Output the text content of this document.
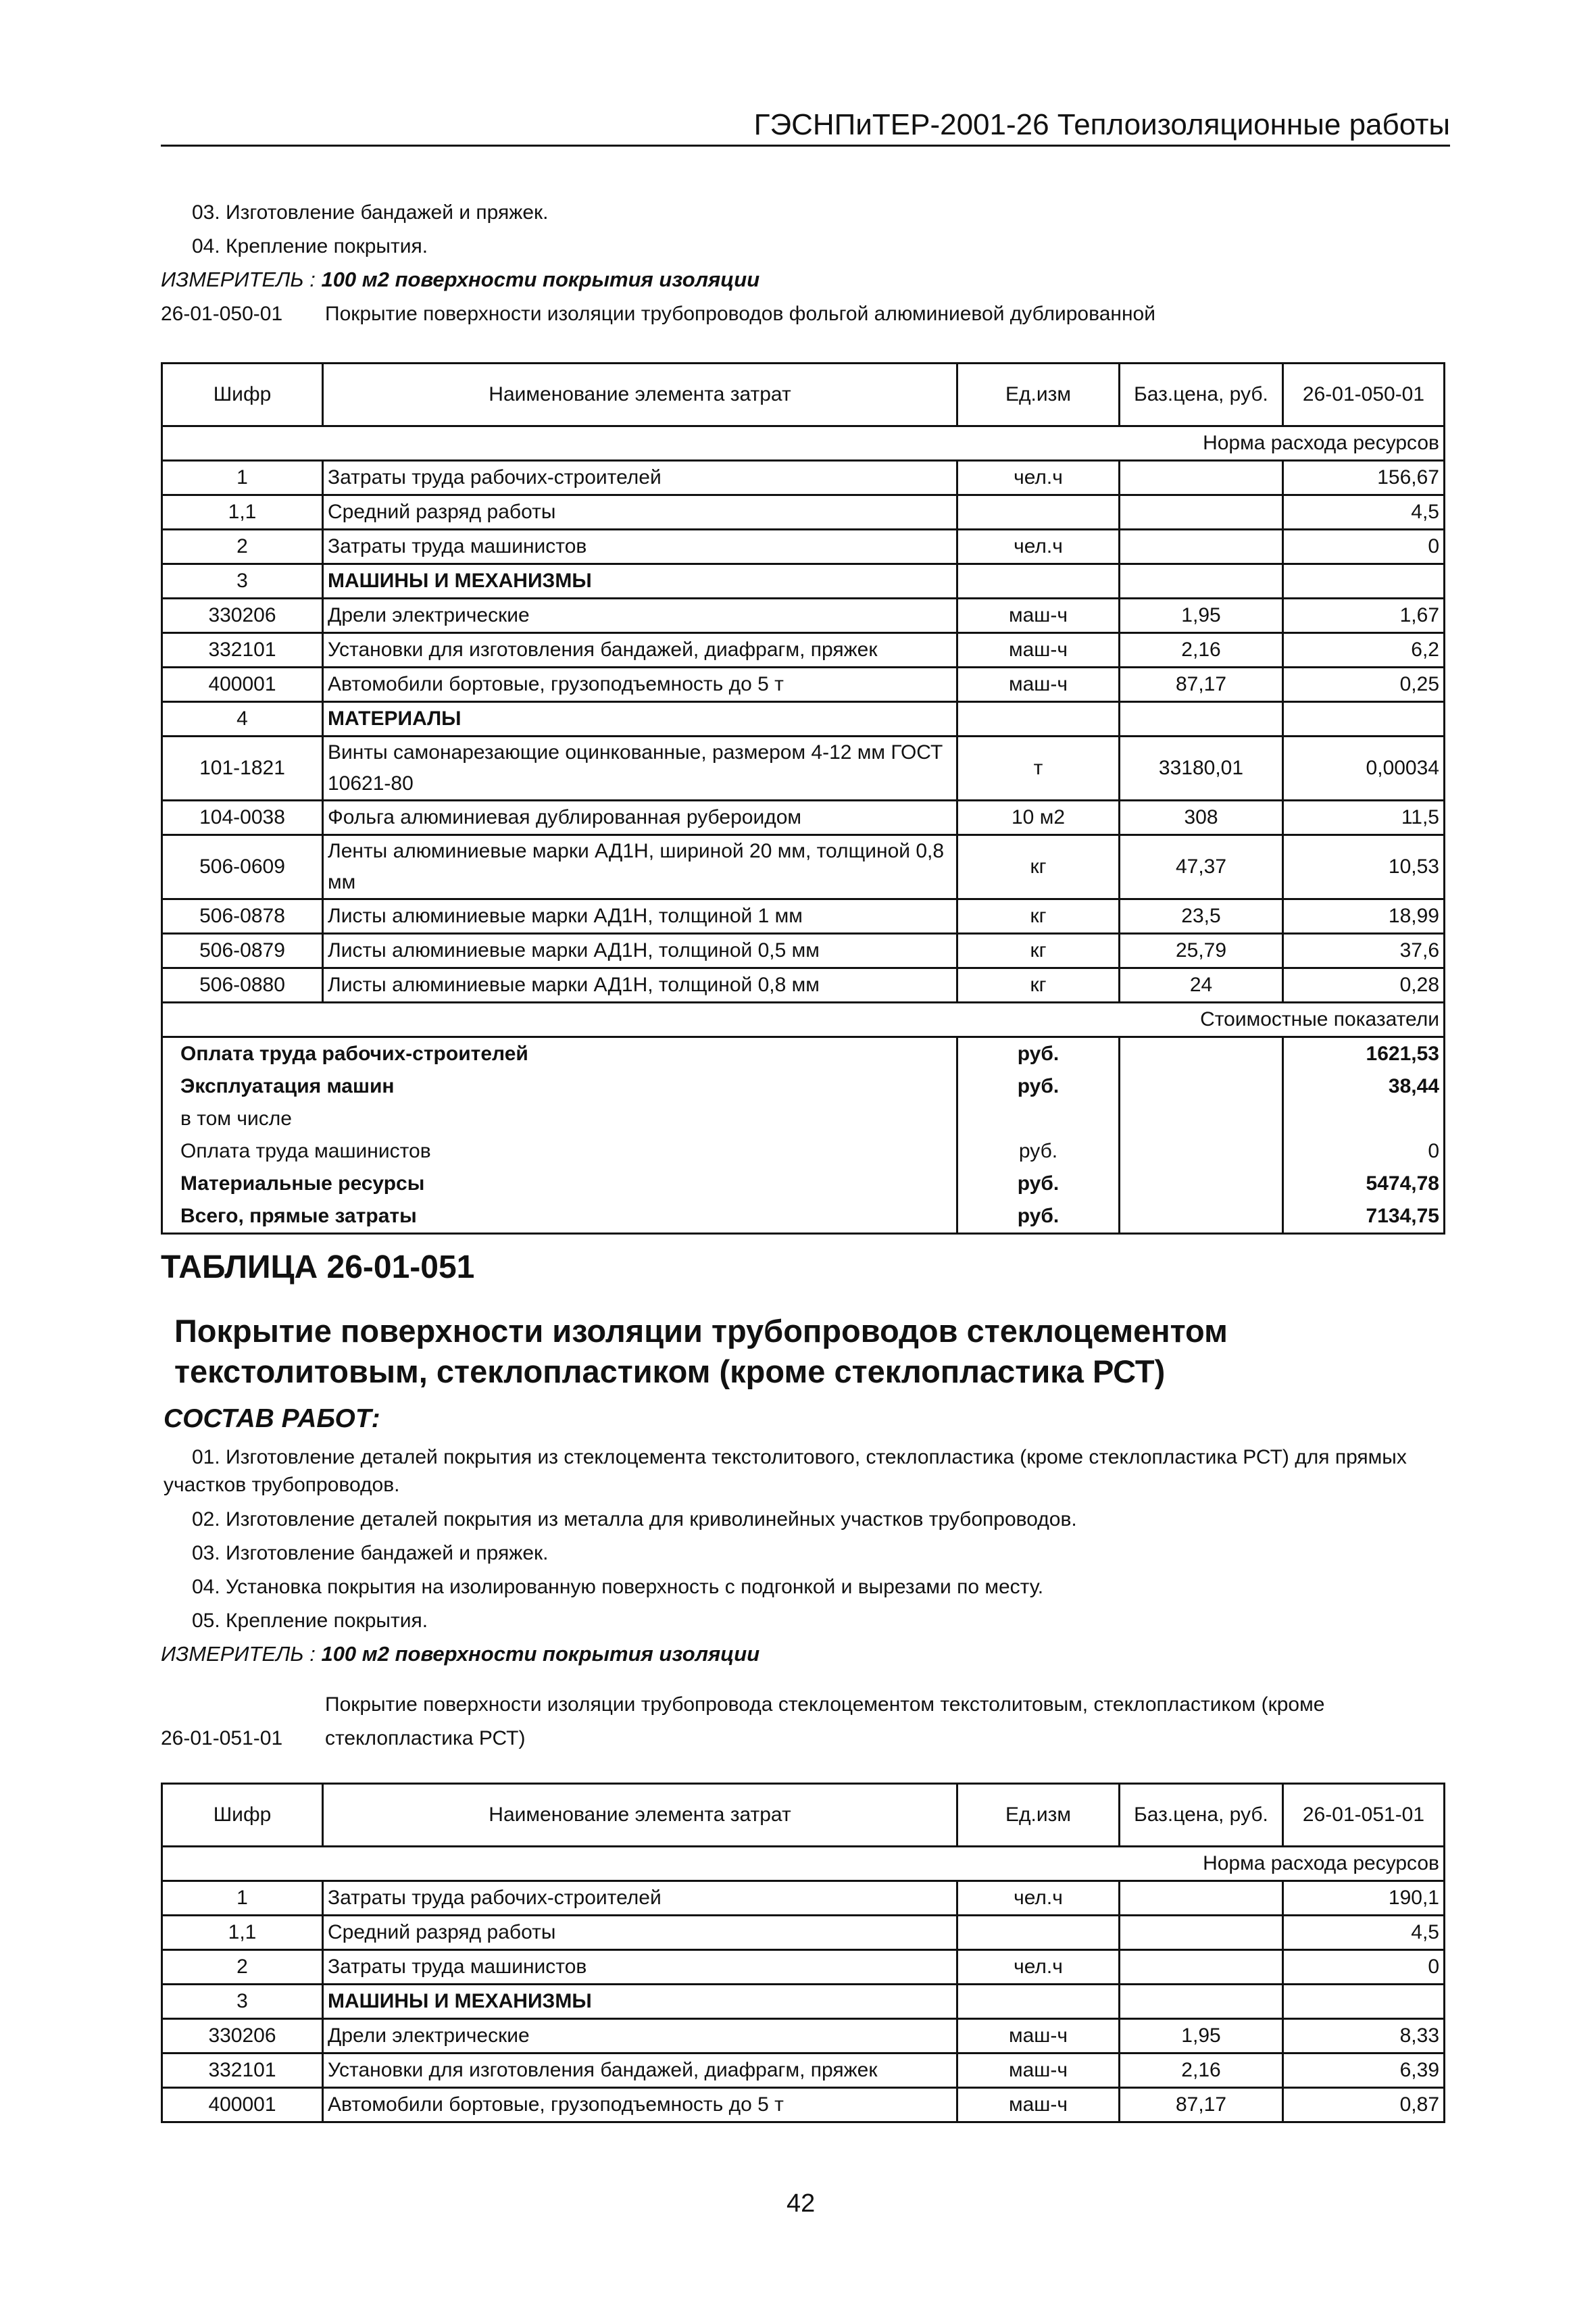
ГЭСНПиТЕР-2001-26 Теплоизоляционные работы
03. Изготовление бандажей и пряжек.
04. Крепление покрытия.
ИЗМЕРИТЕЛЬ : 100 м2 поверхности покрытия изоляции
26-01-050-01	Покрытие поверхности изоляции трубопроводов фольгой алюминиевой дублированной
Шифр	Наименование элемента затрат	Ед.изм	Баз.цена, руб.	26-01-050-01
Норма расхода ресурсов				
1	Затраты труда рабочих-строителей	чел.ч		156,67
1,1	Средний разряд работы			4,5
2	Затраты труда машинистов	чел.ч		0
3	МАШИНЫ И МЕХАНИЗМЫ			
330206	Дрели электрические	маш-ч	1,95	1,67
332101	Установки для изготовления бандажей, диафрагм, пряжек	маш-ч	2,16	6,2
400001	Автомобили бортовые, грузоподъемность до 5 т	маш-ч	87,17	0,25
4	МАТЕРИАЛЫ			
101-1821	Винты самонарезающие оцинкованные, размером 4-12 мм ГОСТ 10621-80	т	33180,01	0,00034
104-0038	Фольга алюминиевая дублированная рубероидом	10 м2	308	11,5
506-0609	Ленты алюминиевые марки АД1Н, шириной 20 мм, толщиной 0,8 мм	кг	47,37	10,53
506-0878	Листы алюминиевые марки АД1Н, толщиной 1 мм	кг	23,5	18,99
506-0879	Листы алюминиевые марки АД1Н, толщиной 0,5 мм	кг	25,79	37,6
506-0880	Листы алюминиевые марки АД1Н, толщиной 0,8 мм	кг	24	0,28
Стоимостные показатели				
Оплата труда рабочих-строителей		руб.		1621,53
Эксплуатация машин		руб.		38,44
в том числе				
Оплата труда машинистов		руб.		0
Материальные ресурсы		руб.		5474,78
Всего, прямые затраты		руб.		7134,75
ТАБЛИЦА 26-01-051
Покрытие поверхности изоляции трубопроводов стеклоцементом
текстолитовым, стеклопластиком (кроме стеклопластика РСТ)
СОСТАВ РАБОТ:
01. Изготовление деталей покрытия из стеклоцемента текстолитового, стеклопластика (кроме стеклопластика РСТ) для прямых участков трубопроводов.
02. Изготовление деталей покрытия из металла для криволинейных участков трубопроводов.
03. Изготовление бандажей и пряжек.
04. Установка покрытия на изолированную поверхность с подгонкой и вырезами по месту.
05. Крепление покрытия.
ИЗМЕРИТЕЛЬ : 100 м2 поверхности покрытия изоляции
Покрытие поверхности изоляции трубопровода стеклоцементом текстолитовым, стеклопластиком (кроме
26-01-051-01 стеклопластика РСТ)
Шифр	Наименование элемента затрат	Ед.изм	Баз.цена, руб.	26-01-051-01
Норма расхода ресурсов				
1	Затраты труда рабочих-строителей	чел.ч		190,1
1,1	Средний разряд работы			4,5
2	Затраты труда машинистов	чел.ч		0
3	МАШИНЫ И МЕХАНИЗМЫ			
330206	Дрели электрические	маш-ч	1,95	8,33
332101	Установки для изготовления бандажей, диафрагм, пряжек	маш-ч	2,16	6,39
400001	Автомобили бортовые, грузоподъемность до 5 т	маш-ч	87,17	0,87
42
